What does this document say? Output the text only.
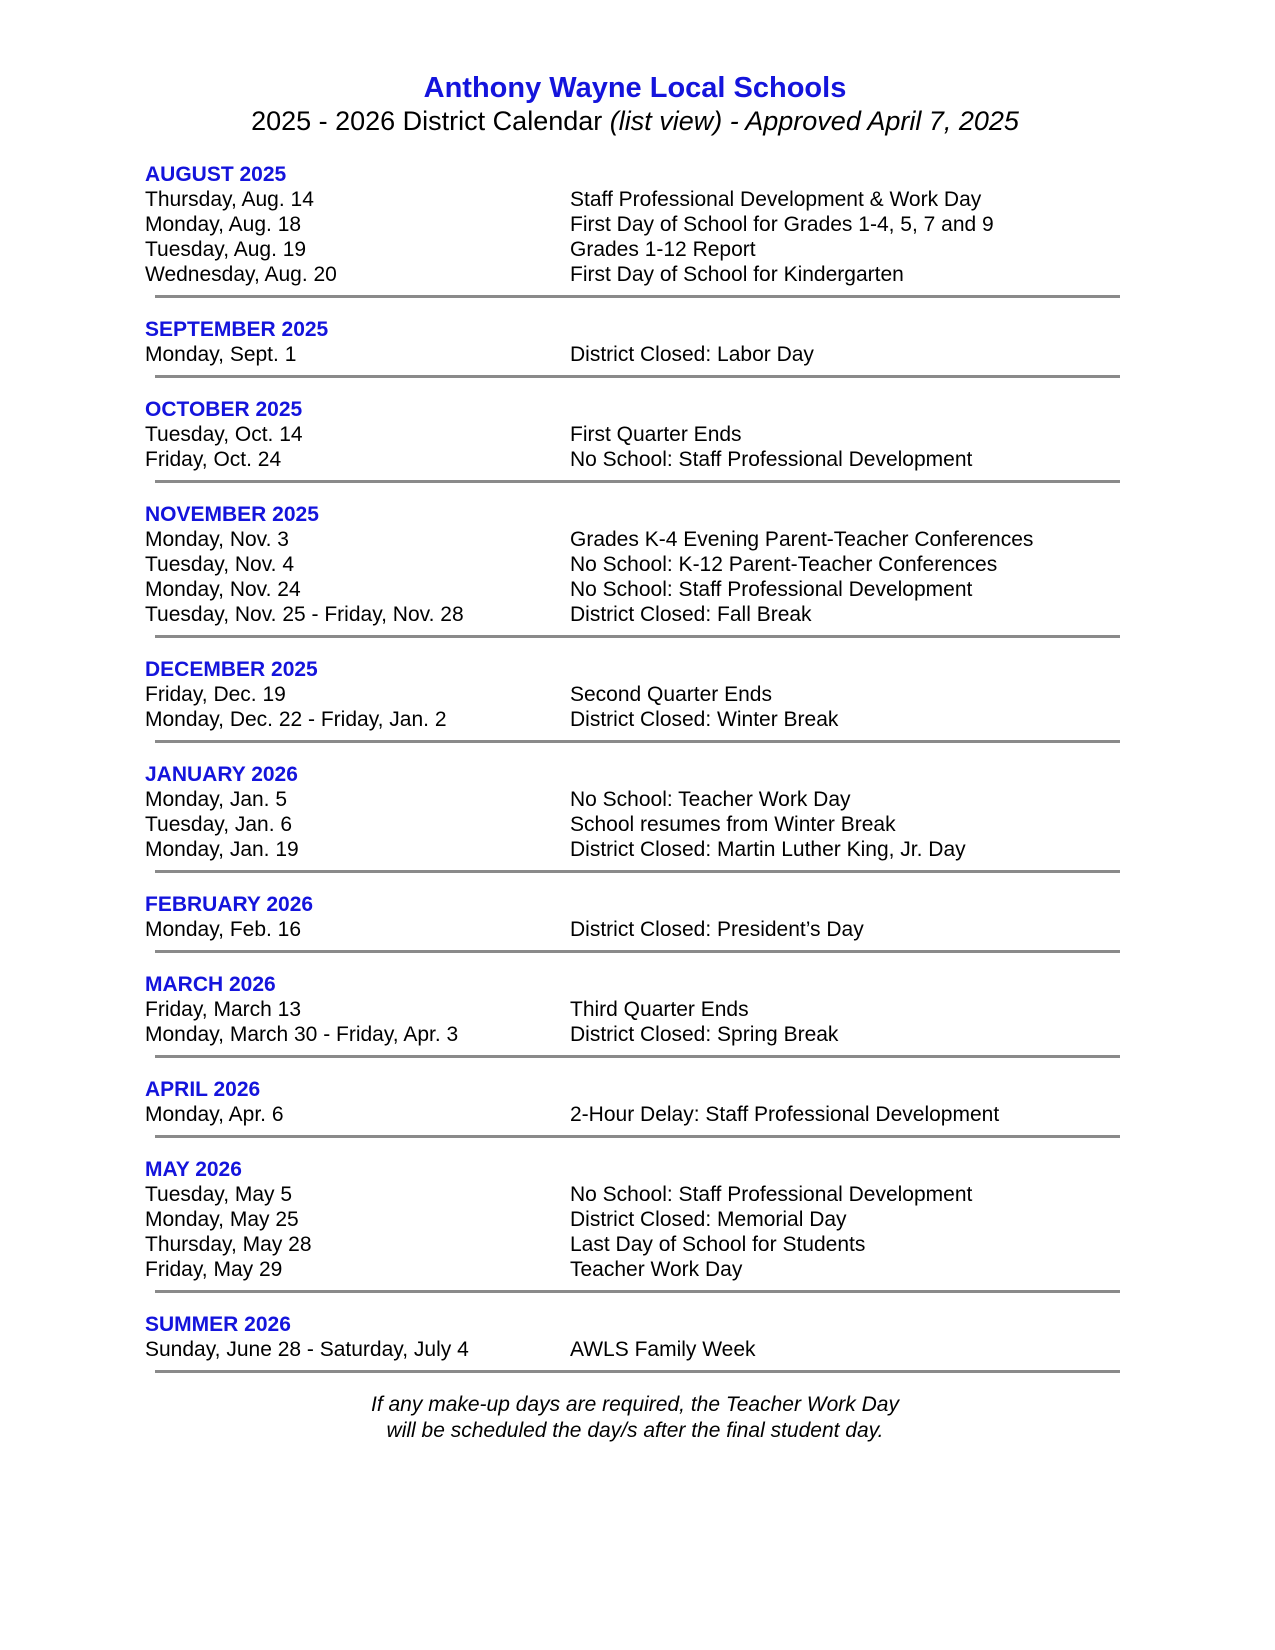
Anthony Wayne Local Schools

2025 - 2026 District Calendar (list view) - Approved April 7, 2025

AUGUST 2025
Thursday, Aug. 14	Staff Professional Development & Work Day
Monday, Aug. 18	First Day of School for Grades 1-4, 5, 7 and 9
Tuesday, Aug. 19	Grades 1-12 Report
Wednesday, Aug. 20	First Day of School for Kindergarten
SEPTEMBER 2025
Monday, Sept. 1	District Closed: Labor Day
OCTOBER 2025
Tuesday, Oct. 14	First Quarter Ends
Friday, Oct. 24	No School: Staff Professional Development
NOVEMBER 2025
Monday, Nov. 3	Grades K-4 Evening Parent-Teacher Conferences
Tuesday, Nov. 4	No School: K-12 Parent-Teacher Conferences
Monday, Nov. 24	No School: Staff Professional Development
Tuesday, Nov. 25 - Friday, Nov. 28	District Closed: Fall Break
DECEMBER 2025
Friday, Dec. 19	Second Quarter Ends
Monday, Dec. 22 - Friday, Jan. 2	District Closed: Winter Break
JANUARY 2026
Monday, Jan. 5	No School: Teacher Work Day
Tuesday, Jan. 6	School resumes from Winter Break
Monday, Jan. 19	District Closed: Martin Luther King, Jr. Day
FEBRUARY 2026
Monday, Feb. 16	District Closed: President’s Day
MARCH 2026
Friday, March 13	Third Quarter Ends
Monday, March 30 - Friday, Apr. 3	District Closed: Spring Break
APRIL 2026
Monday, Apr. 6	2-Hour Delay: Staff Professional Development
MAY 2026
Tuesday, May 5	No School: Staff Professional Development
Monday, May 25	District Closed: Memorial Day
Thursday, May 28	Last Day of School for Students
Friday, May 29	Teacher Work Day
SUMMER 2026
Sunday, June 28 - Saturday, July 4	AWLS Family Week
If any make-up days are required, the Teacher Work Day
will be scheduled the day/s after the final student day.
